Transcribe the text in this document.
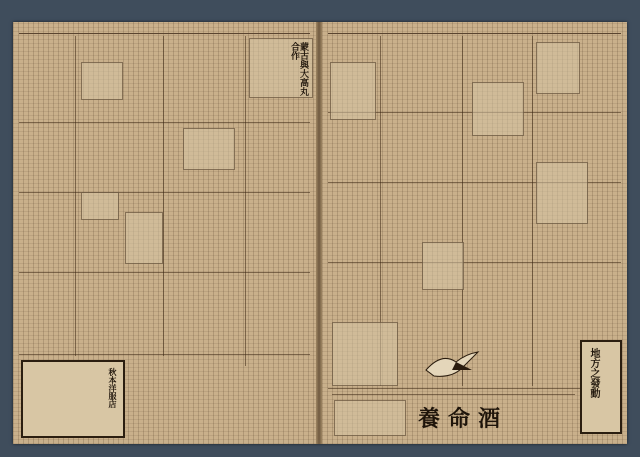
蒙古與大高丸合作
秋本洋服店	地方之發動
養命酒
